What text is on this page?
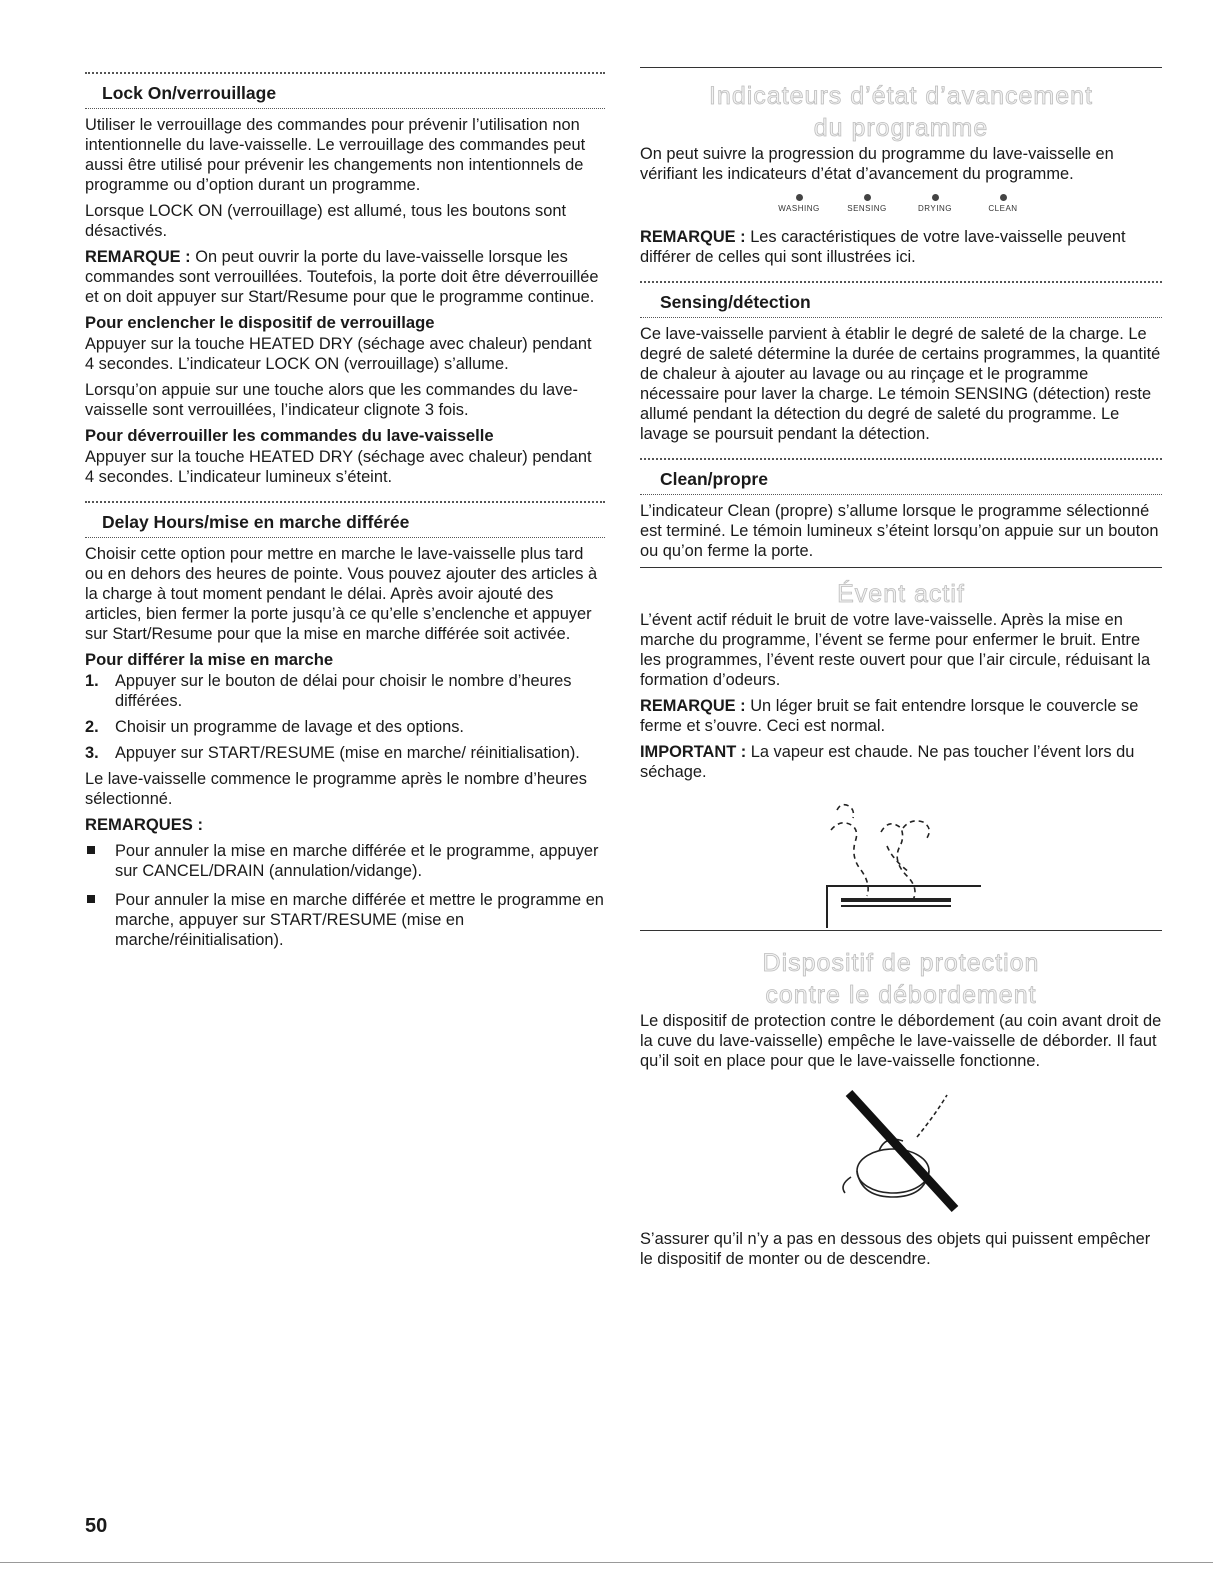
Lock On/verrouillage

Utiliser le verrouillage des commandes pour prévenir l’utilisation non intentionnelle du lave-vaisselle. Le verrouillage des commandes peut aussi être utilisé pour prévenir les changements non intentionnels de programme ou d’option durant un programme.

Lorsque LOCK ON (verrouillage) est allumé, tous les boutons sont désactivés.

REMARQUE : On peut ouvrir la porte du lave-vaisselle lorsque les commandes sont verrouillées. Toutefois, la porte doit être déverrouillée et on doit appuyer sur Start/Resume pour que le programme continue.

Pour enclencher le dispositif de verrouillage

Appuyer sur la touche HEATED DRY (séchage avec chaleur) pendant 4 secondes. L’indicateur LOCK ON (verrouillage) s’allume.

Lorsqu’on appuie sur une touche alors que les commandes du lave-vaisselle sont verrouillées, l’indicateur clignote 3 fois.

Pour déverrouiller les commandes du lave-vaisselle

Appuyer sur la touche HEATED DRY (séchage avec chaleur) pendant 4 secondes. L’indicateur lumineux s’éteint.

Delay Hours/mise en marche différée

Choisir cette option pour mettre en marche le lave-vaisselle plus tard ou en dehors des heures de pointe. Vous pouvez ajouter des articles à la charge à tout moment pendant le délai. Après avoir ajouté des articles, bien fermer la porte jusqu’à ce qu’elle s’enclenche et appuyer sur Start/Resume pour que la mise en marche différée soit activée.

Pour différer la mise en marche
1. Appuyer sur le bouton de délai pour choisir le nombre d’heures différées.
2. Choisir un programme de lavage et des options.
3. Appuyer sur START/RESUME (mise en marche/ réinitialisation).

Le lave-vaisselle commence le programme après le nombre d’heures sélectionné.

REMARQUES :
Pour annuler la mise en marche différée et le programme, appuyer sur CANCEL/DRAIN (annulation/vidange).
Pour annuler la mise en marche différée et mettre le programme en marche, appuyer sur START/RESUME (mise en marche/réinitialisation).
Indicateurs d’état d’avancement
du programme

On peut suivre la progression du programme du lave-vaisselle en vérifiant les indicateurs d’état d’avancement du programme.

WASHING	SENSING	DRYING	CLEAN

REMARQUE : Les caractéristiques de votre lave-vaisselle peuvent différer de celles qui sont illustrées ici.

Sensing/détection

Ce lave-vaisselle parvient à établir le degré de saleté de la charge. Le degré de saleté détermine la durée de certains programmes, la quantité de chaleur à ajouter au lavage ou au rinçage et le programme nécessaire pour laver la charge. Le témoin SENSING (détection) reste allumé pendant la détection du degré de saleté du programme. Le lavage se poursuit pendant la détection.

Clean/propre

L’indicateur Clean (propre) s’allume lorsque le programme sélectionné est terminé. Le témoin lumineux s’éteint lorsqu’on appuie sur un bouton ou qu’on ferme la porte.

Évent actif

L’évent actif réduit le bruit de votre lave-vaisselle. Après la mise en marche du programme, l’évent se ferme pour enfermer le bruit. Entre les programmes, l’évent reste ouvert pour que l’air circule, réduisant la formation d’odeurs.

REMARQUE : Un léger bruit se fait entendre lorsque le couvercle se ferme et s’ouvre. Ceci est normal.

IMPORTANT : La vapeur est chaude. Ne pas toucher l’évent lors du séchage.

Dispositif de protection
contre le débordement

Le dispositif de protection contre le débordement (au coin avant droit de la cuve du lave-vaisselle) empêche le lave-vaisselle de déborder. Il faut qu’il soit en place pour que le lave-vaisselle fonctionne.

S’assurer qu’il n’y a pas en dessous des objets qui puissent empêcher le dispositif de monter ou de descendre.

50
